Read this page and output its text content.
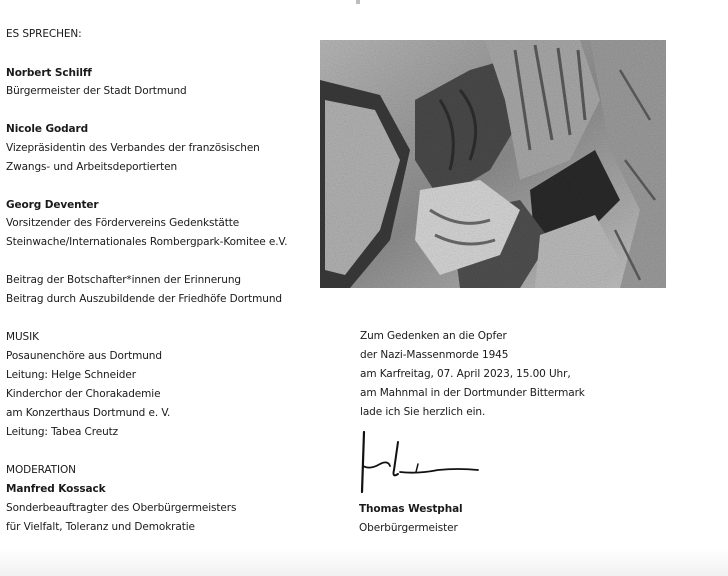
ES SPRECHEN:
Norbert Schilff
Bürgermeister der Stadt Dortmund
Nicole Godard
Vizepräsidentin des Verbandes der französischen
Zwangs- und Arbeitsdeportierten
Georg Deventer
Vorsitzender des Fördervereins Gedenkstätte
Steinwache/Internationales Rombergpark-Komitee e.V.
Beitrag der Botschafter*innen der Erinnerung
Beitrag durch Auszubildende der Friedhöfe Dortmund
MUSIK
Posaunenchöre aus Dortmund
Leitung: Helge Schneider
Kinderchor der Chorakademie
am Konzerthaus Dortmund e. V.
Leitung: Tabea Creutz
MODERATION
Manfred Kossack
Sonderbeauftragter des Oberbürgermeisters
für Vielfalt, Toleranz und Demokratie
Zum Gedenken an die Opfer
der Nazi-Massenmorde 1945
am Karfreitag, 07. April 2023, 15.00 Uhr,
am Mahnmal in der Dortmunder Bittermark
lade ich Sie herzlich ein.
Thomas Westphal
Oberbürgermeister
